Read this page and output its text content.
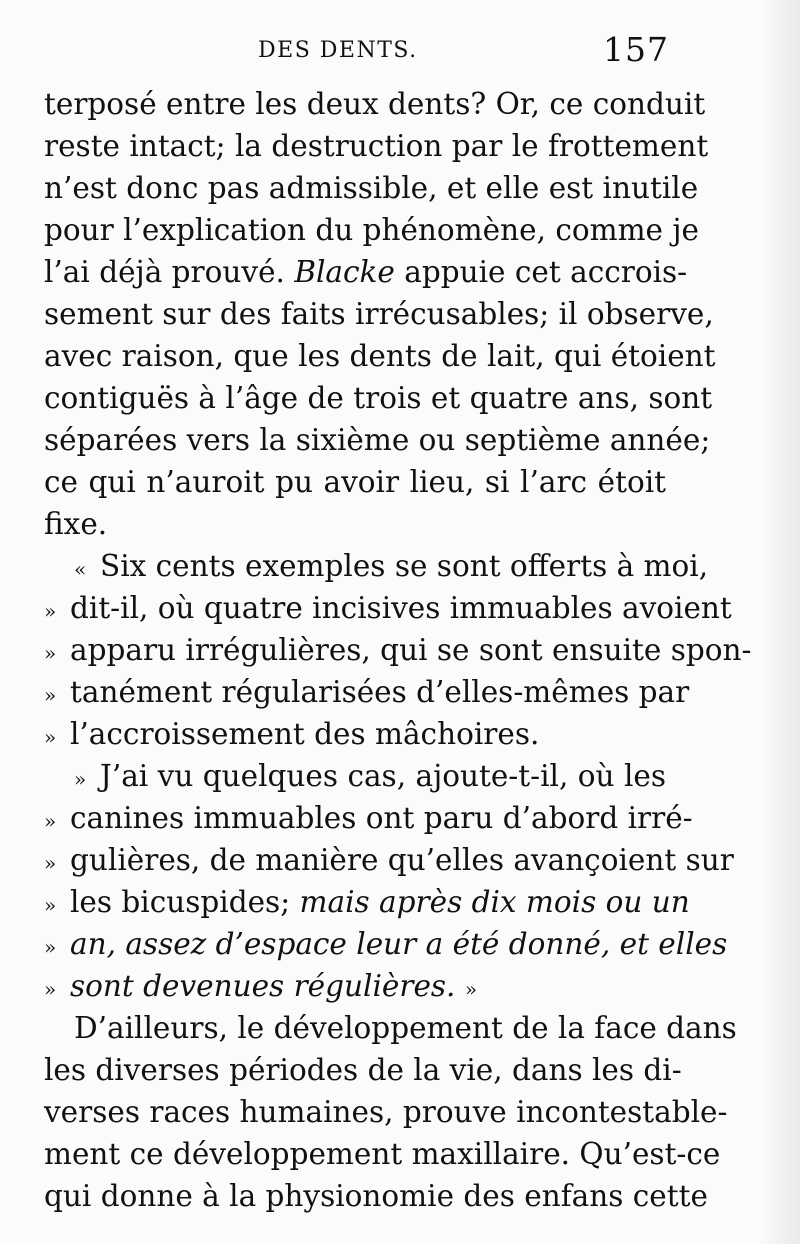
DES DENTS.	157
terposé entre les deux dents? Or, ce conduit
reste intact; la destruction par le frottement
n’est donc pas admissible, et elle est inutile
pour l’explication du phénomène, comme je
l’ai déjà prouvé. Blacke appuie cet accrois-
sement sur des faits irrécusables; il observe,
avec raison, que les dents de lait, qui étoient
contiguës à l’âge de trois et quatre ans, sont
séparées vers la sixième ou septième année;
ce qui n’auroit pu avoir lieu, si l’arc étoit
fixe.
« Six cents exemples se sont offerts à moi,
» dit-il, où quatre incisives immuables avoient
» apparu irrégulières, qui se sont ensuite spon-
» tanément régularisées d’elles-mêmes par
» l’accroissement des mâchoires.
» J’ai vu quelques cas, ajoute-t-il, où les
» canines immuables ont paru d’abord irré-
» gulières, de manière qu’elles avançoient sur
» les bicuspides; mais après dix mois ou un
» an, assez d’espace leur a été donné, et elles
» sont devenues régulières. »
D’ailleurs, le développement de la face dans
les diverses périodes de la vie, dans les di-
verses races humaines, prouve incontestable-
ment ce développement maxillaire. Qu’est-ce
qui donne à la physionomie des enfans cette
